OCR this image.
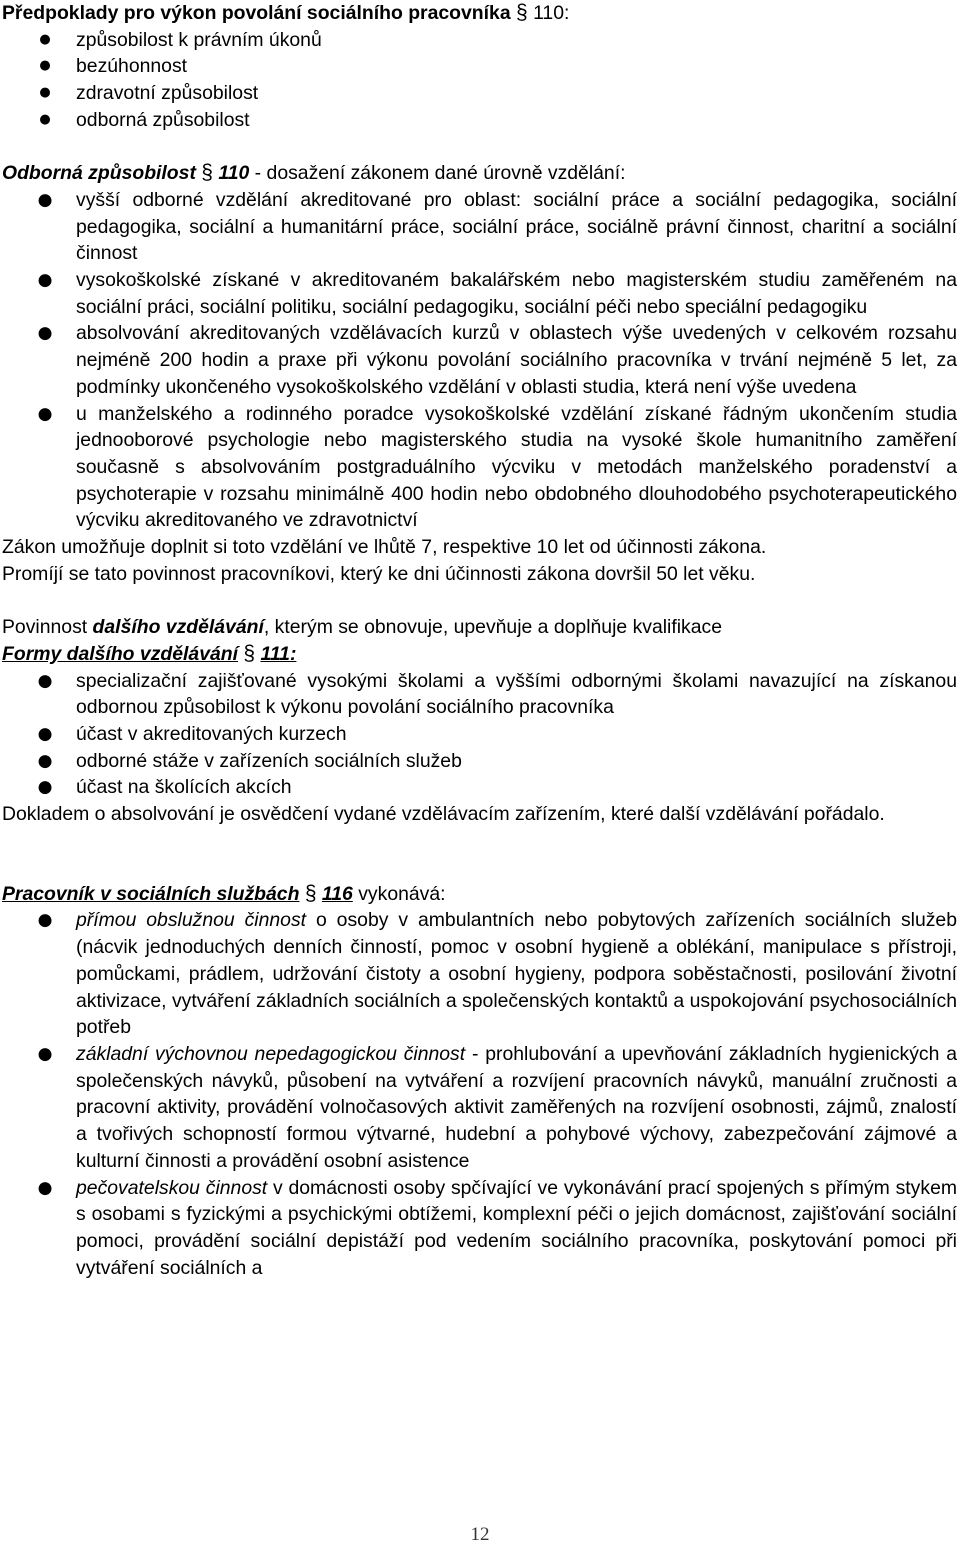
Předpoklady pro výkon povolání sociálního pracovníka § 110:

● způsobilost k právním úkonů
● bezúhonnost
● zdravotní způsobilost
● odborná způsobilost

Odborná způsobilost § 110 - dosažení zákonem dané úrovně vzdělání:

● vyšší odborné vzdělání akreditované pro oblast: sociální práce a sociální pedagogika, sociální pedagogika, sociální a humanitární práce, sociální práce, sociálně právní činnost, charitní a sociální činnost
● vysokoškolské získané v akreditovaném bakalářském nebo magisterském studiu zaměřeném na sociální práci, sociální politiku, sociální pedagogiku, sociální péči nebo speciální pedagogiku
● absolvování akreditovaných vzdělávacích kurzů v oblastech výše uvedených v celkovém rozsahu nejméně 200 hodin a praxe při výkonu povolání sociálního pracovníka v trvání nejméně 5 let, za podmínky ukončeného vysokoškolského vzdělání v oblasti studia, která není výše uvedena
● u manželského a rodinného poradce vysokoškolské vzdělání získané řádným ukončením studia jednooborové psychologie nebo magisterského studia na vysoké škole humanitního zaměření současně s absolvováním postgraduálního výcviku v metodách manželského poradenství a psychoterapie v rozsahu minimálně 400 hodin nebo obdobného dlouhodobého psychoterapeutického výcviku akreditovaného ve zdravotnictví

Zákon umožňuje doplnit si toto vzdělání ve lhůtě 7, respektive 10 let od účinnosti zákona.

Promíjí se tato povinnost pracovníkovi, který ke dni účinnosti zákona dovršil 50 let věku.

Povinnost dalšího vzdělávání, kterým se obnovuje, upevňuje a doplňuje kvalifikace

Formy dalšího vzdělávání § 111:

● specializační zajišťované vysokými školami a vyššími odbornými školami navazující na získanou odbornou způsobilost k výkonu povolání sociálního pracovníka
● účast v akreditovaných kurzech
● odborné stáže v zařízeních sociálních služeb
● účast na školících akcích

Dokladem o absolvování je osvědčení vydané vzdělávacím zařízením, které další vzdělávání pořádalo.

Pracovník v sociálních službách § 116 vykonává:

● přímou obslužnou činnost o osoby v ambulantních nebo pobytových zařízeních sociálních služeb (nácvik jednoduchých denních činností, pomoc v osobní hygieně a oblékání, manipulace s přístroji, pomůckami, prádlem, udržování čistoty a osobní hygieny, podpora soběstačnosti, posilování životní aktivizace, vytváření základních sociálních a společenských kontaktů a uspokojování psychosociálních potřeb
● základní výchovnou nepedagogickou činnost - prohlubování a upevňování základních hygienických a společenských návyků, působení na vytváření a rozvíjení pracovních návyků, manuální zručnosti a pracovní aktivity, provádění volnočasových aktivit zaměřených na rozvíjení osobnosti, zájmů, znalostí a tvořivých schopností formou výtvarné, hudební a pohybové výchovy, zabezpečování zájmové a kulturní činnosti a provádění osobní asistence
● pečovatelskou činnost v domácnosti osoby spčívající ve vykonávání prací spojených s přímým stykem s osobami s fyzickými a psychickými obtížemi, komplexní péči o jejich domácnost, zajišťování sociální pomoci, provádění sociální depistáží pod vedením sociálního pracovníka, poskytování pomoci při vytváření sociálních a
12
